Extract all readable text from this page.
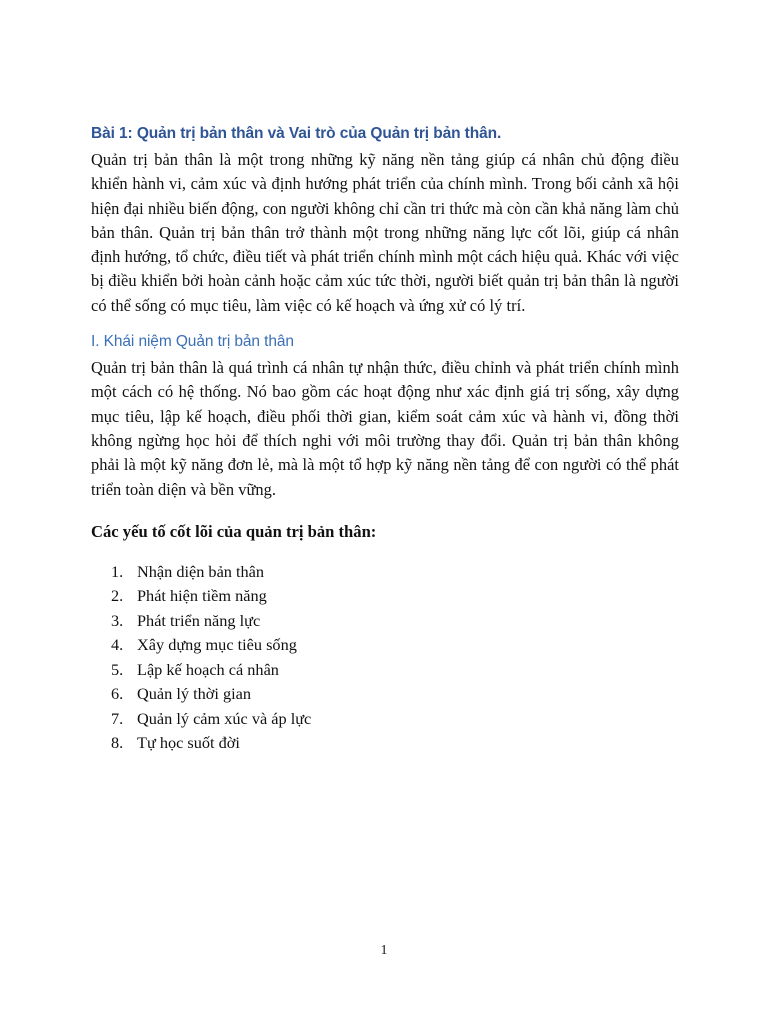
Bài 1: Quản trị bản thân và Vai trò của Quản trị bản thân.

Quản trị bản thân là một trong những kỹ năng nền tảng giúp cá nhân chủ động điều khiển hành vi, cảm xúc và định hướng phát triển của chính mình. Trong bối cảnh xã hội hiện đại nhiều biến động, con người không chỉ cần tri thức mà còn cần khả năng làm chủ bản thân. Quản trị bản thân trở thành một trong những năng lực cốt lõi, giúp cá nhân định hướng, tổ chức, điều tiết và phát triển chính mình một cách hiệu quả. Khác với việc bị điều khiển bởi hoàn cảnh hoặc cảm xúc tức thời, người biết quản trị bản thân là người có thể sống có mục tiêu, làm việc có kế hoạch và ứng xử có lý trí.

I. Khái niệm Quản trị bản thân

Quản trị bản thân là quá trình cá nhân tự nhận thức, điều chỉnh và phát triển chính mình một cách có hệ thống. Nó bao gồm các hoạt động như xác định giá trị sống, xây dựng mục tiêu, lập kế hoạch, điều phối thời gian, kiểm soát cảm xúc và hành vi, đồng thời không ngừng học hỏi để thích nghi với môi trường thay đổi. Quản trị bản thân không phải là một kỹ năng đơn lẻ, mà là một tổ hợp kỹ năng nền tảng để con người có thể phát triển toàn diện và bền vững.

Các yếu tố cốt lõi của quản trị bản thân:

1. Nhận diện bản thân
2. Phát hiện tiềm năng
3. Phát triển năng lực
4. Xây dựng mục tiêu sống
5. Lập kế hoạch cá nhân
6. Quản lý thời gian
7. Quản lý cảm xúc và áp lực
8. Tự học suốt đời
1
